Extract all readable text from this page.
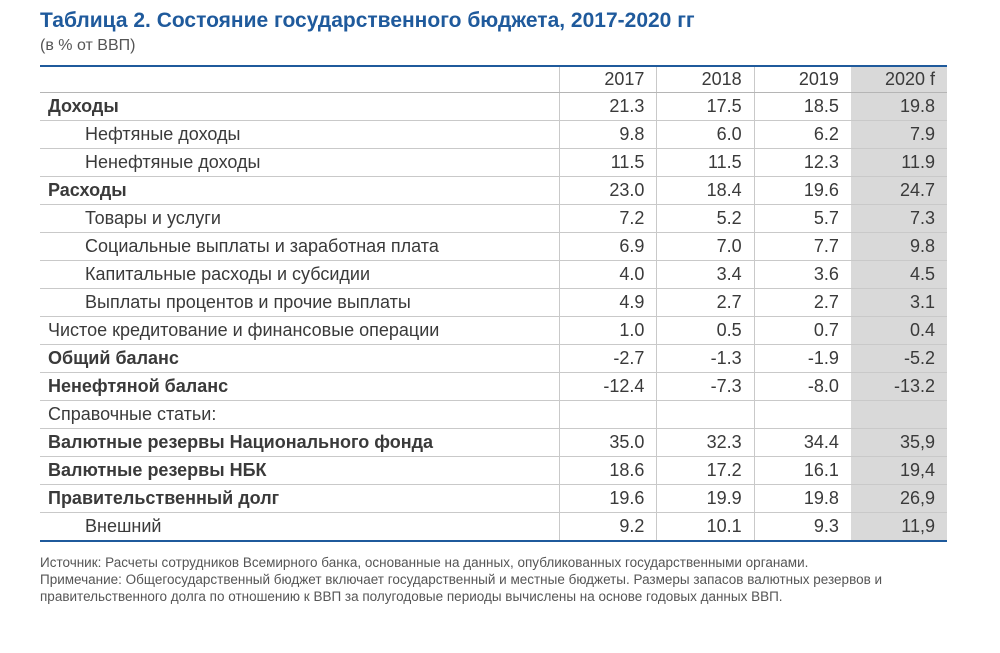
Таблица 2. Состояние государственного бюджета, 2017-2020 гг
(в % от ВВП)
	2017	2018	2019	2020 f
Доходы	21.3	17.5	18.5	19.8
Нефтяные доходы	9.8	6.0	6.2	7.9
Ненефтяные доходы	11.5	11.5	12.3	11.9
Расходы	23.0	18.4	19.6	24.7
Товары и услуги	7.2	5.2	5.7	7.3
Социальные выплаты и заработная плата	6.9	7.0	7.7	9.8
Капитальные расходы и субсидии	4.0	3.4	3.6	4.5
Выплаты процентов и прочие выплаты	4.9	2.7	2.7	3.1
Чистое кредитование и финансовые операции	1.0	0.5	0.7	0.4
Общий баланс	-2.7	-1.3	-1.9	-5.2
Ненефтяной баланс	-12.4	-7.3	-8.0	-13.2
Справочные статьи:				
Валютные резервы Национального фонда	35.0	32.3	34.4	35,9
Валютные резервы НБК	18.6	17.2	16.1	19,4
Правительственный долг	19.6	19.9	19.8	26,9
Внешний	9.2	10.1	9.3	11,9

Источник: Расчеты сотрудников Всемирного банка, основанные на данных, опубликованных государственными органами.

Примечание: Общегосударственный бюджет включает государственный и местные бюджеты. Размеры запасов валютных резервов и правительственного долга по отношению к ВВП за полугодовые периоды вычислены на основе годовых данных ВВП.
